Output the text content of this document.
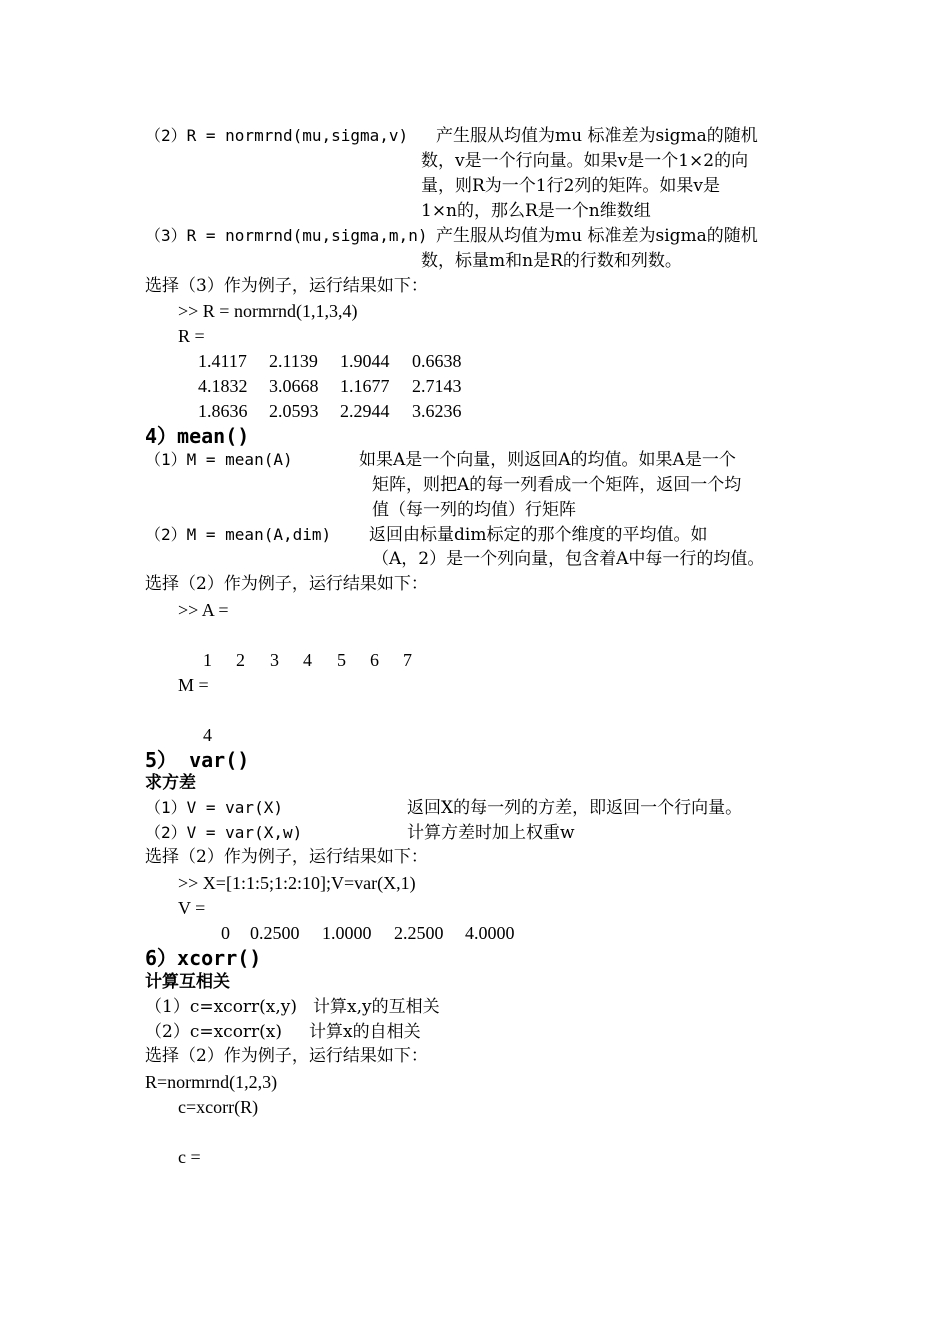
（2）R = normrnd(mu,sigma,v) 产生服从均值为mu 标准差为sigma的随机
数，v是一个行向量。如果v是一个1×2的向
量，则R为一个1行2列的矩阵。如果v是
1×n的，那么R是一个n维数组
（3）R = normrnd(mu,sigma,m,n) 产生服从均值为mu 标准差为sigma的随机
数，标量m和n是R的行数和列数。
选择（3）作为例子，运行结果如下：
>> R = normrnd(1,1,3,4)
R =
1.4117 2.1139 1.9044 0.6638
4.1832 3.0668 1.1677 2.7143
1.8636 2.0593 2.2944 3.6236
4）mean()
（1）M = mean(A)	如果A是一个向量，则返回A的均值。如果A是一个
矩阵，则把A的每一列看成一个矩阵，返回一个均
值（每一列的均值）行矩阵
（2）M = mean(A,dim) 返回由标量dim标定的那个维度的平均值。如
（A，2）是一个列向量，包含着A中每一行的均值。
选择（2）作为例子，运行结果如下：
>> A =
1 2 3 4 5 6 7
M =
4
5） var()
求方差
（1）V = var(X)	返回X的每一列的方差，即返回一个行向量。
（2）V = var(X,w)	计算方差时加上权重w
选择（2）作为例子，运行结果如下：
>> X=[1:1:5;1:2:10];V=var(X,1)
V =
0 0.2500 1.0000 2.2500 4.0000
6）xcorr()
计算互相关
（1）c=xcorr(x,y) 计算x,y的互相关
（2）c=xcorr(x) 计算x的自相关
选择（2）作为例子，运行结果如下：
R=normrnd(1,2,3)
c=xcorr(R)
c =
